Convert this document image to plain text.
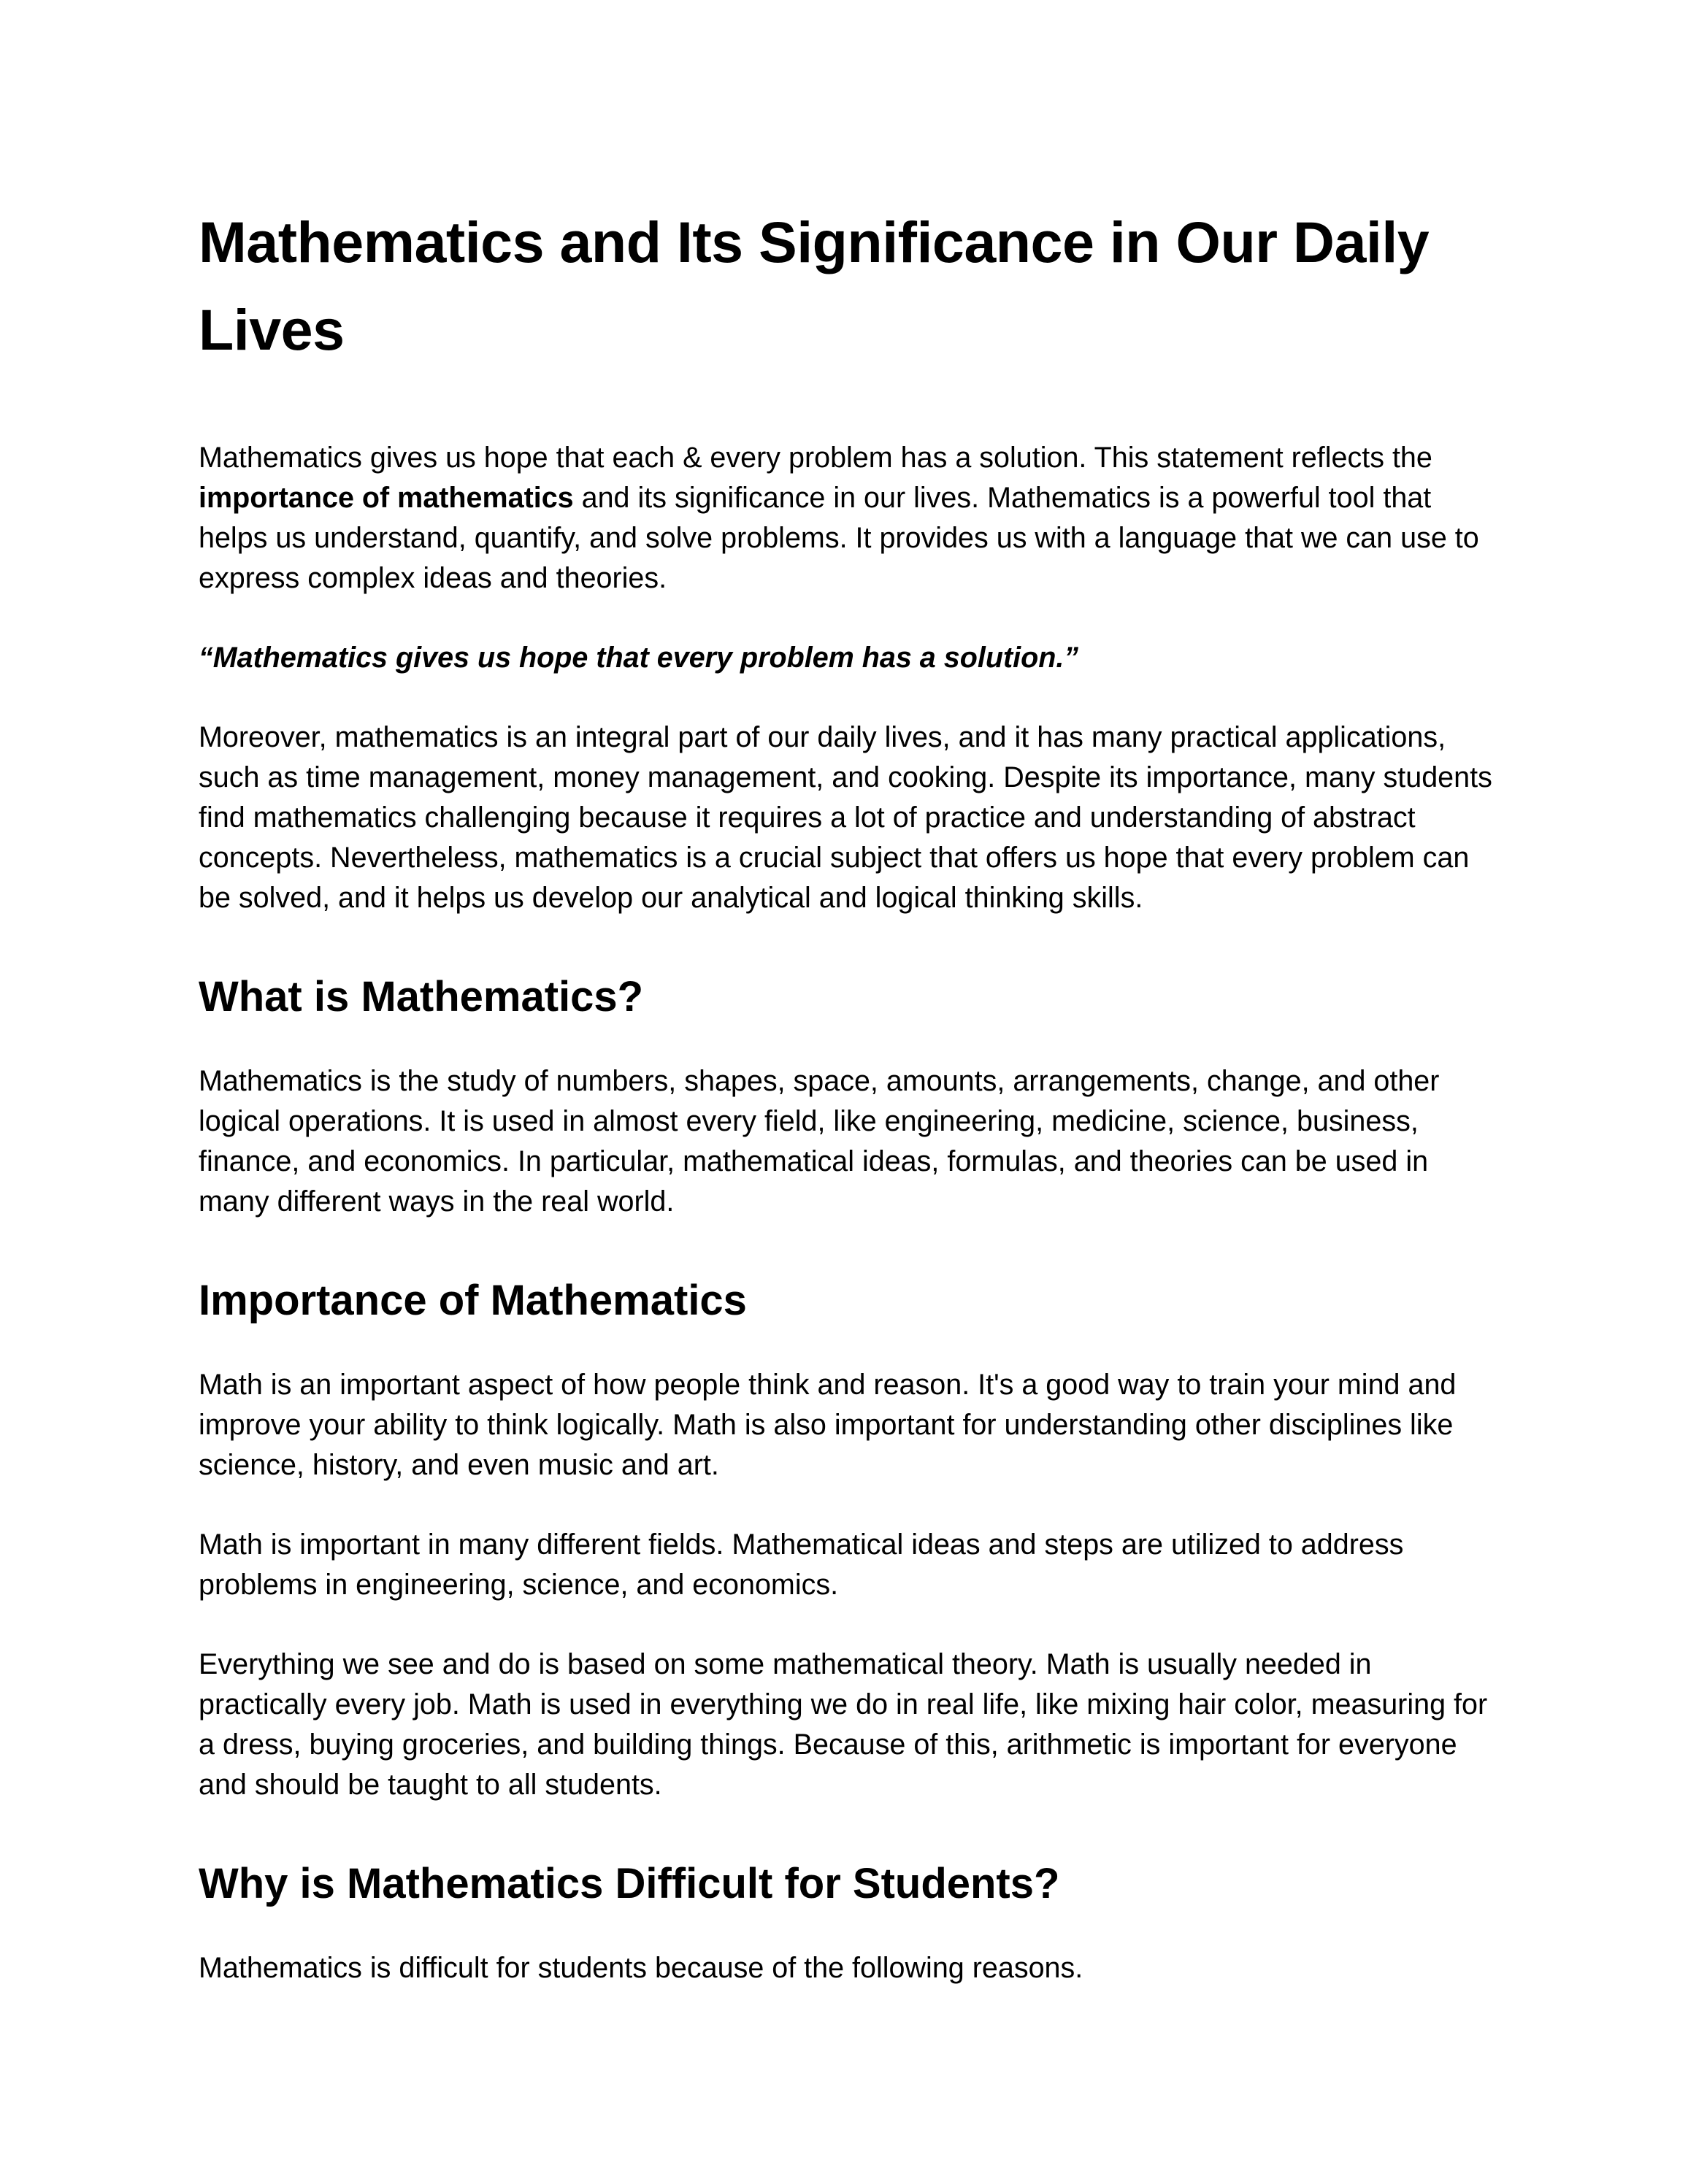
Mathematics and Its Significance in Our Daily Lives

Mathematics gives us hope that each & every problem has a solution. This statement reflects the importance of mathematics and its significance in our lives. Mathematics is a powerful tool that helps us understand, quantify, and solve problems. It provides us with a language that we can use to express complex ideas and theories.

“Mathematics gives us hope that every problem has a solution.”

Moreover, mathematics is an integral part of our daily lives, and it has many practical applications, such as time management, money management, and cooking. Despite its importance, many students find mathematics challenging because it requires a lot of practice and understanding of abstract concepts. Nevertheless, mathematics is a crucial subject that offers us hope that every problem can be solved, and it helps us develop our analytical and logical thinking skills.

What is Mathematics?

Mathematics is the study of numbers, shapes, space, amounts, arrangements, change, and other logical operations. It is used in almost every field, like engineering, medicine, science, business, finance, and economics. In particular, mathematical ideas, formulas, and theories can be used in many different ways in the real world.

Importance of Mathematics

Math is an important aspect of how people think and reason. It's a good way to train your mind and improve your ability to think logically. Math is also important for understanding other disciplines like science, history, and even music and art.

Math is important in many different fields. Mathematical ideas and steps are utilized to address problems in engineering, science, and economics.

Everything we see and do is based on some mathematical theory. Math is usually needed in practically every job. Math is used in everything we do in real life, like mixing hair color, measuring for a dress, buying groceries, and building things. Because of this, arithmetic is important for everyone and should be taught to all students.

Why is Mathematics Difficult for Students?

Mathematics is difficult for students because of the following reasons.
